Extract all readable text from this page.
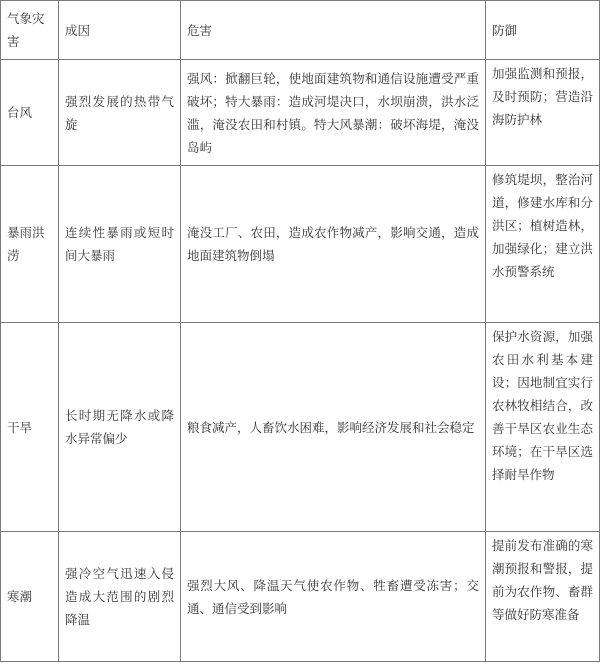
气象灾害	成因	危害	防御
台风	强烈发展的热带气旋	强风：掀翻巨轮，使地面建筑物和通信设施遭受严重破坏；特大暴雨：造成河堤决口，水坝崩溃，洪水泛滥，淹没农田和村镇。特大风暴潮：破坏海堤，淹没岛屿	加强监测和预报，及时预防；营造沿海防护林
暴雨洪涝	连续性暴雨或短时间大暴雨	淹没工厂、农田，造成农作物减产，影响交通，造成地面建筑物倒塌	修筑堤坝，整治河道，修建水库和分洪区；植树造林，加强绿化；建立洪水预警系统
干旱	长时期无降水或降水异常偏少	粮食减产，人畜饮水困难，影响经济发展和社会稳定	保护水资源，加强农田水利基本建设；因地制宜实行农林牧相结合，改善干旱区农业生态环境；在干旱区选择耐旱作物
寒潮	强冷空气迅速入侵造成大范围的剧烈降温	强烈大风、降温天气使农作物、牲畜遭受冻害；交通、通信受到影响	提前发布准确的寒潮预报和警报，提前为农作物、畜群等做好防寒准备
